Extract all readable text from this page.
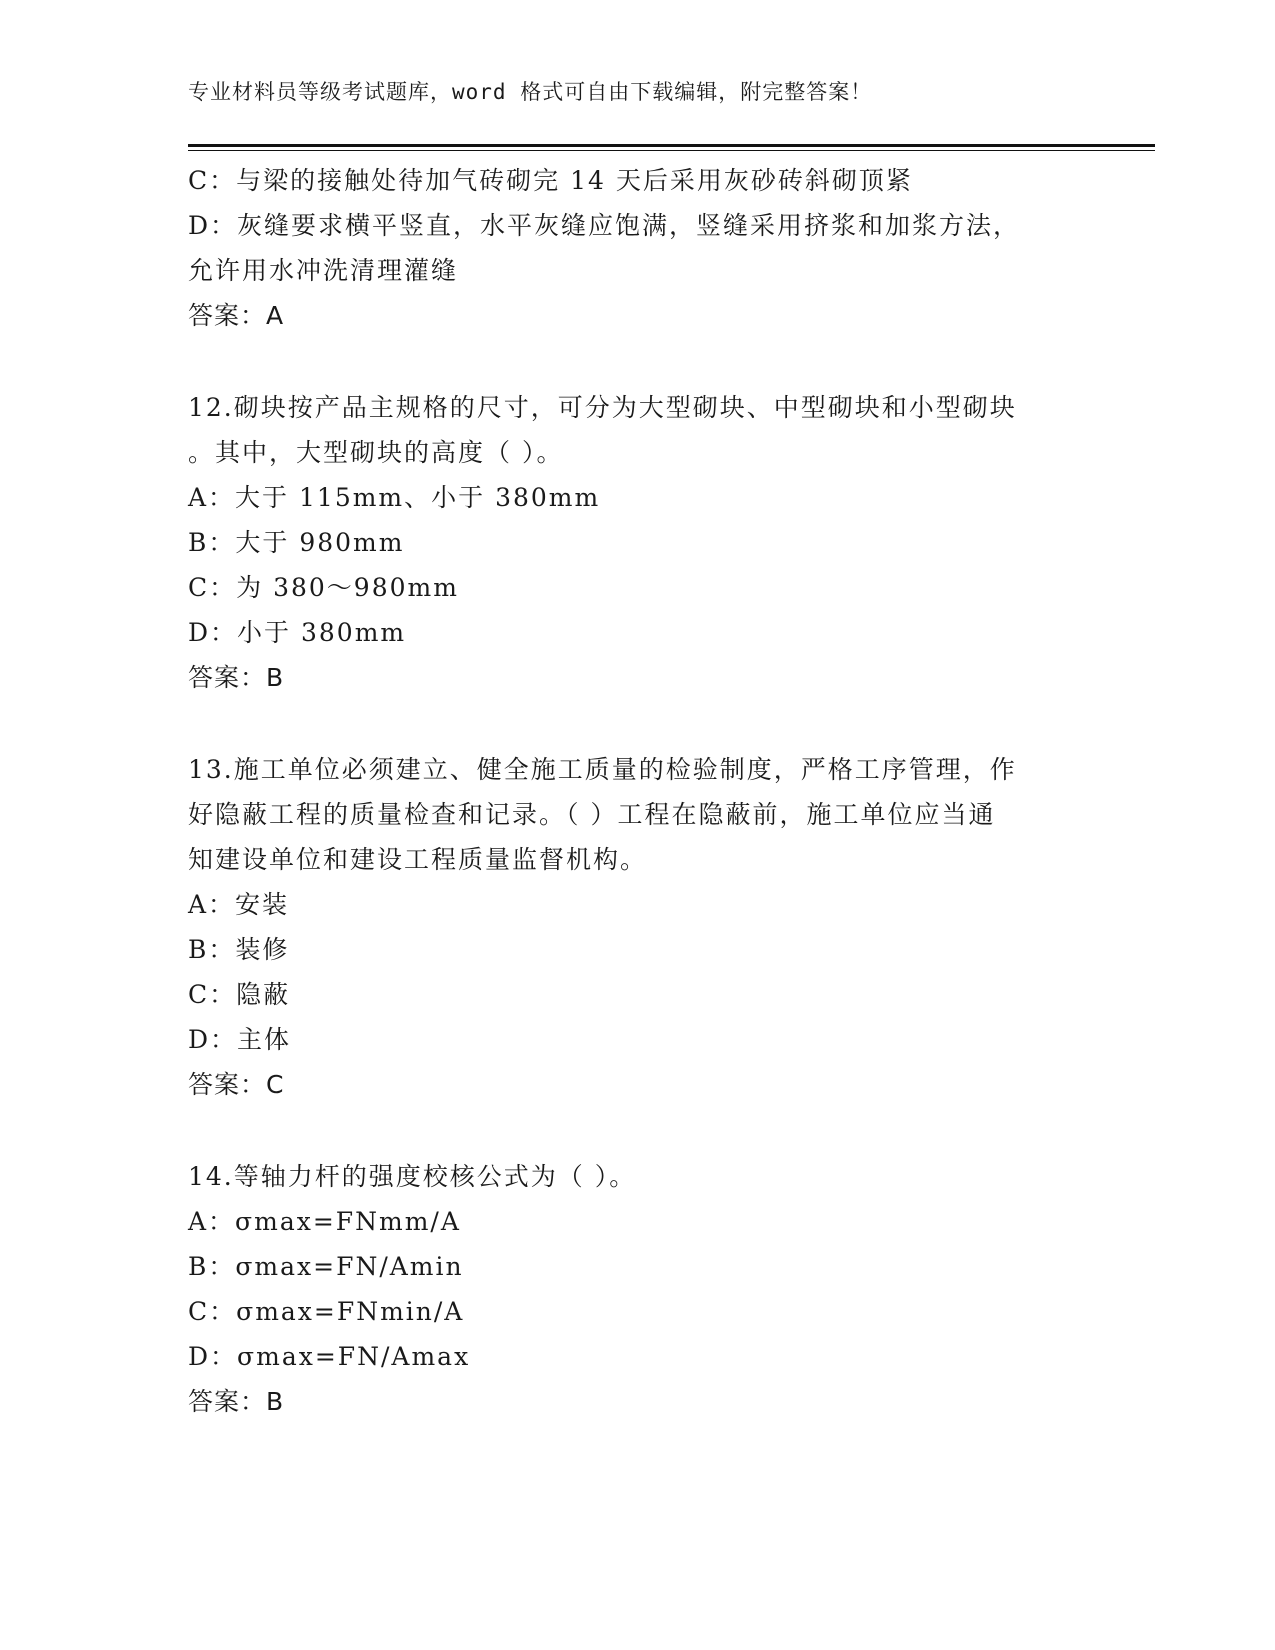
专业材料员等级考试题库，word 格式可自由下载编辑，附完整答案！
C：与梁的接触处待加气砖砌完 14 天后采用灰砂砖斜砌顶紧
D：灰缝要求横平竖直，水平灰缝应饱满，竖缝采用挤浆和加浆方法，
允许用水冲洗清理灌缝
答案：A
12.砌块按产品主规格的尺寸，可分为大型砌块、中型砌块和小型砌块
。其中，大型砌块的高度（ ）。
A：大于 115mm、小于 380mm
B：大于 980mm
C：为 380～980mm
D：小于 380mm
答案：B
13.施工单位必须建立、健全施工质量的检验制度，严格工序管理，作
好隐蔽工程的质量检查和记录。（ ）工程在隐蔽前，施工单位应当通
知建设单位和建设工程质量监督机构。
A：安装
B：装修
C：隐蔽
D：主体
答案：C
14.等轴力杆的强度校核公式为（ ）。
A：σmax=FNmm/A
B：σmax=FN/Amin
C：σmax=FNmin/A
D：σmax=FN/Amax
答案：B
